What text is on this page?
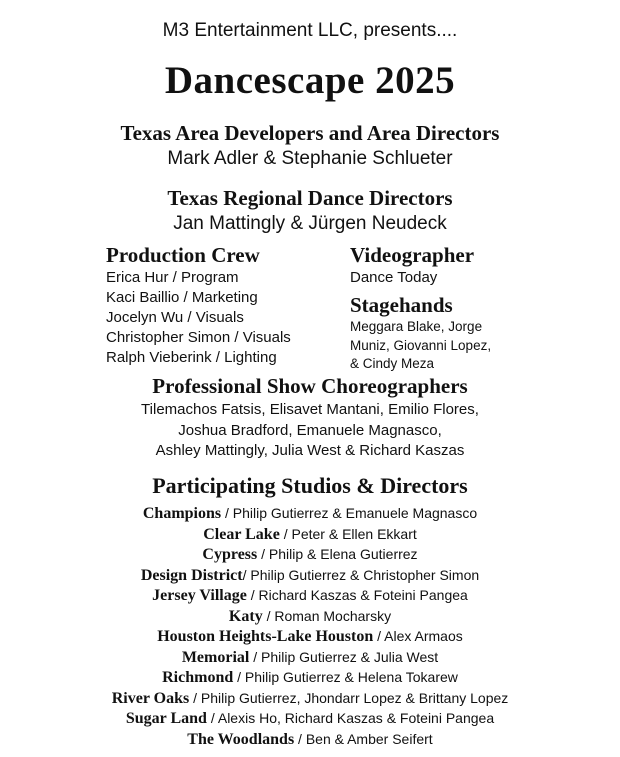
M3 Entertainment LLC, presents....
Dancescape 2025
Texas Area Developers and Area Directors
Mark Adler & Stephanie Schlueter
Texas Regional Dance Directors
Jan Mattingly & Jürgen Neudeck
Production Crew
Erica Hur / Program
Kaci Baillio / Marketing
Jocelyn Wu / Visuals
Christopher Simon / Visuals
Ralph Vieberink / Lighting
Videographer
Dance Today
Stagehands
Meggara Blake, Jorge
Muniz, Giovanni Lopez,
& Cindy Meza
Professional Show Choreographers
Tilemachos Fatsis, Elisavet Mantani, Emilio Flores,
Joshua Bradford, Emanuele Magnasco,
Ashley Mattingly, Julia West & Richard Kaszas
Participating Studios & Directors
Champions / Philip Gutierrez & Emanuele Magnasco
Clear Lake / Peter & Ellen Ekkart
Cypress / Philip & Elena Gutierrez
Design District/ Philip Gutierrez & Christopher Simon
Jersey Village / Richard Kaszas & Foteini Pangea
Katy / Roman Mocharsky
Houston Heights-Lake Houston / Alex Armaos
Memorial / Philip Gutierrez & Julia West
Richmond / Philip Gutierrez & Helena Tokarew
River Oaks / Philip Gutierrez, Jhondarr Lopez & Brittany Lopez
Sugar Land / Alexis Ho, Richard Kaszas & Foteini Pangea
The Woodlands / Ben & Amber Seifert
